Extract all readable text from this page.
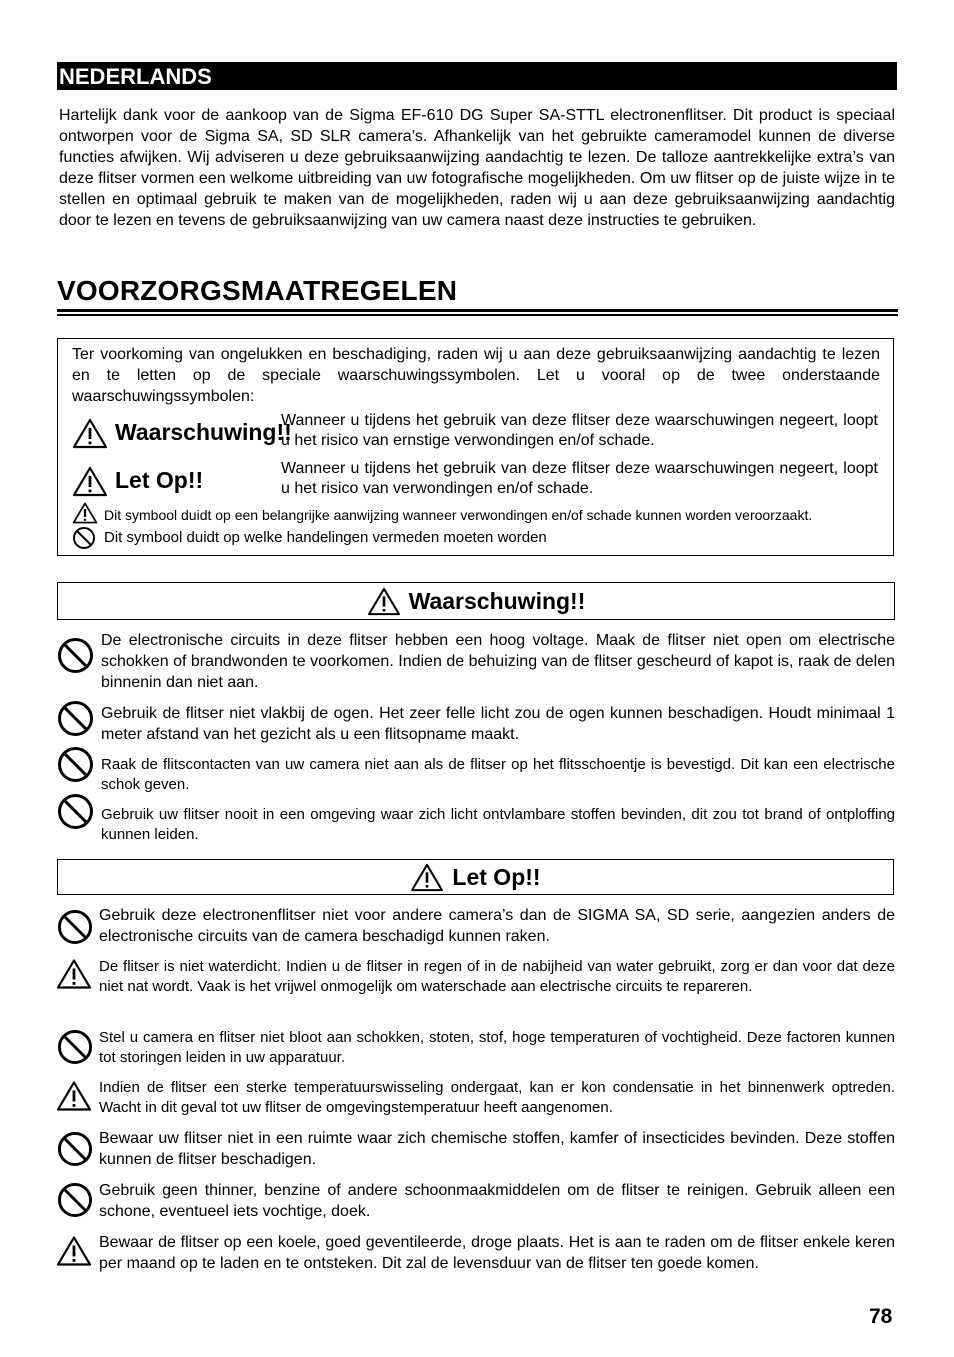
NEDERLANDS
Hartelijk dank voor de aankoop van de Sigma EF-610 DG Super SA-STTL electronenflitser. Dit product is speciaal ontworpen voor de Sigma SA, SD SLR camera’s. Afhankelijk van het gebruikte cameramodel kunnen de diverse functies afwijken. Wij adviseren u deze gebruiksaanwijzing aandachtig te lezen. De talloze aantrekkelijke extra’s van deze flitser vormen een welkome uitbreiding van uw fotografische mogelijkheden. Om uw flitser op de juiste wijze in te stellen en optimaal gebruik te maken van de mogelijkheden, raden wij u aan deze gebruiksaanwijzing aandachtig door te lezen en tevens de gebruiksaanwijzing van uw camera naast deze instructies te gebruiken.
VOORZORGSMAATREGELEN
Ter voorkoming van ongelukken en beschadiging, raden wij u aan deze gebruiksaanwijzing aandachtig te lezen en te letten op de speciale waarschuwingssymbolen. Let u vooral op de twee onderstaande waarschuwingssymbolen:
Waarschuwing!!
Wanneer u tijdens het gebruik van deze flitser deze waarschuwingen negeert, loopt u het risico van ernstige verwondingen en/of schade.
Let Op!!	Wanneer u tijdens het gebruik van deze flitser deze waarschuwingen negeert, loopt u het risico van verwondingen en/of schade.
Dit symbool duidt op een belangrijke aanwijzing wanneer verwondingen en/of schade kunnen worden veroorzaakt.
Dit symbool duidt op welke handelingen vermeden moeten worden
Waarschuwing!!
De electronische circuits in deze flitser hebben een hoog voltage. Maak de flitser niet open om electrische schokken of brandwonden te voorkomen. Indien de behuizing van de flitser gescheurd of kapot is, raak de delen binnenin dan niet aan.
Gebruik de flitser niet vlakbij de ogen. Het zeer felle licht zou de ogen kunnen beschadigen. Houdt minimaal 1 meter afstand van het gezicht als u een flitsopname maakt.
Raak de flitscontacten van uw camera niet aan als de flitser op het flitsschoentje is bevestigd. Dit kan een electrische schok geven.
Gebruik uw flitser nooit in een omgeving waar zich licht ontvlambare stoffen bevinden, dit zou tot brand of ontploffing kunnen leiden.
Let Op!!
Gebruik deze electronenflitser niet voor andere camera’s dan de SIGMA SA, SD serie, aangezien anders de electronische circuits van de camera beschadigd kunnen raken.
De flitser is niet waterdicht. Indien u de flitser in regen of in de nabijheid van water gebruikt, zorg er dan voor dat deze niet nat wordt. Vaak is het vrijwel onmogelijk om waterschade aan electrische circuits te repareren.
Stel u camera en flitser niet bloot aan schokken, stoten, stof, hoge temperaturen of vochtigheid. Deze factoren kunnen tot storingen leiden in uw apparatuur.
Indien de flitser een sterke temperatuurswisseling ondergaat, kan er kon condensatie in het binnenwerk optreden. Wacht in dit geval tot uw flitser de omgevingstemperatuur heeft aangenomen.
Bewaar uw flitser niet in een ruimte waar zich chemische stoffen, kamfer of insecticides bevinden. Deze stoffen kunnen de flitser beschadigen.
Gebruik geen thinner, benzine of andere schoonmaakmiddelen om de flitser te reinigen. Gebruik alleen een schone, eventueel iets vochtige, doek.
Bewaar de flitser op een koele, goed geventileerde, droge plaats. Het is aan te raden om de flitser enkele keren per maand op te laden en te ontsteken. Dit zal de levensduur van de flitser ten goede komen.
78
